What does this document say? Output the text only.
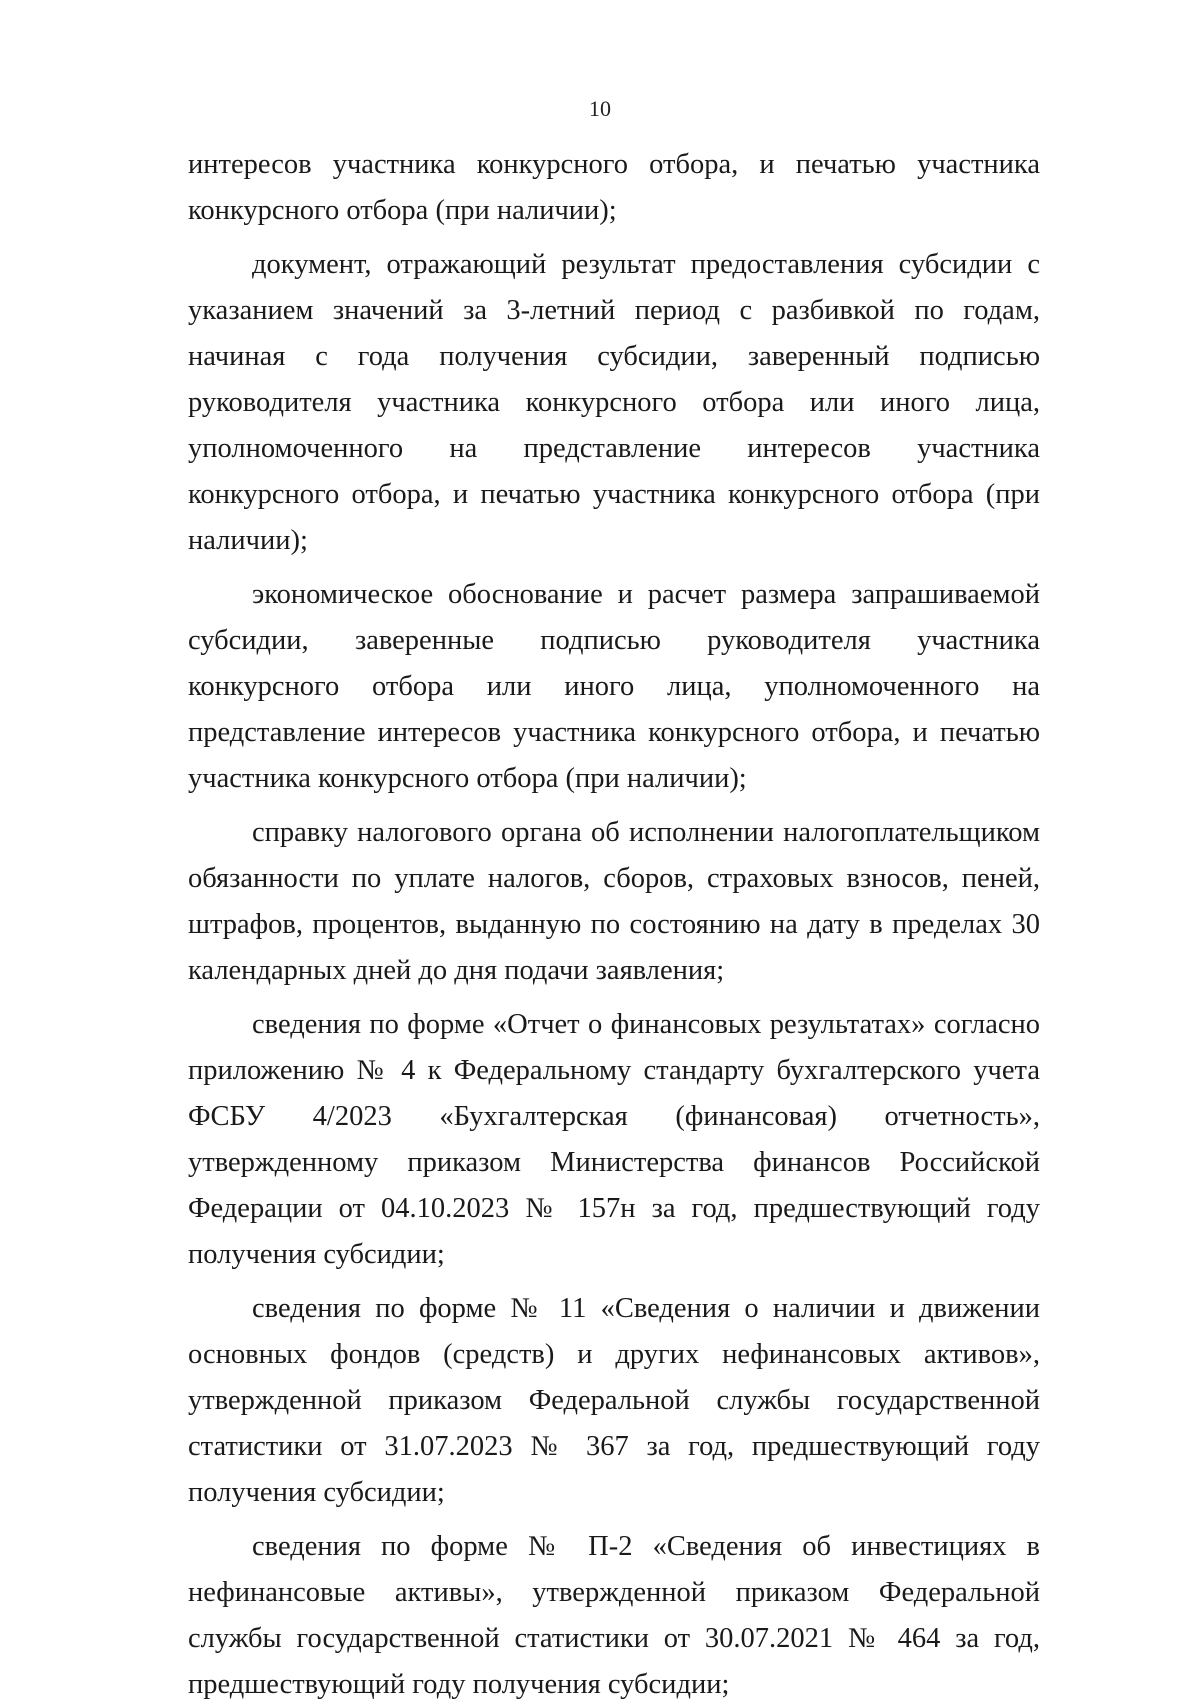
10

интересов участника конкурсного отбора, и печатью участника конкурсного отбора (при наличии);

документ, отражающий результат предоставления субсидии с указанием значений за 3-летний период с разбивкой по годам, начиная с года получения субсидии, заверенный подписью руководителя участника конкурсного отбора или иного лица, уполномоченного на представление интересов участника конкурсного отбора, и печатью участника конкурсного отбора (при наличии);

экономическое обоснование и расчет размера запрашиваемой субсидии, заверенные подписью руководителя участника конкурсного отбора или иного лица, уполномоченного на представление интересов участника конкурсного отбора, и печатью участника конкурсного отбора (при наличии);

справку налогового органа об исполнении налогоплательщиком обязанности по уплате налогов, сборов, страховых взносов, пеней, штрафов, процентов, выданную по состоянию на дату в пределах 30 календарных дней до дня подачи заявления;

сведения по форме «Отчет о финансовых результатах» согласно приложению № 4 к Федеральному стандарту бухгалтерского учета ФСБУ 4/2023 «Бухгалтерская (финансовая) отчетность», утвержденному приказом Министерства финансов Российской Федерации от 04.10.2023 № 157н за год, предшествующий году получения субсидии;

сведения по форме № 11 «Сведения о наличии и движении основных фондов (средств) и других нефинансовых активов», утвержденной приказом Федеральной службы государственной статистики от 31.07.2023 № 367 за год, предшествующий году получения субсидии;

сведения по форме № П-2 «Сведения об инвестициях в нефинансовые активы», утвержденной приказом Федеральной службы государственной статистики от 30.07.2021 № 464 за год, предшествующий году получения субсидии;
